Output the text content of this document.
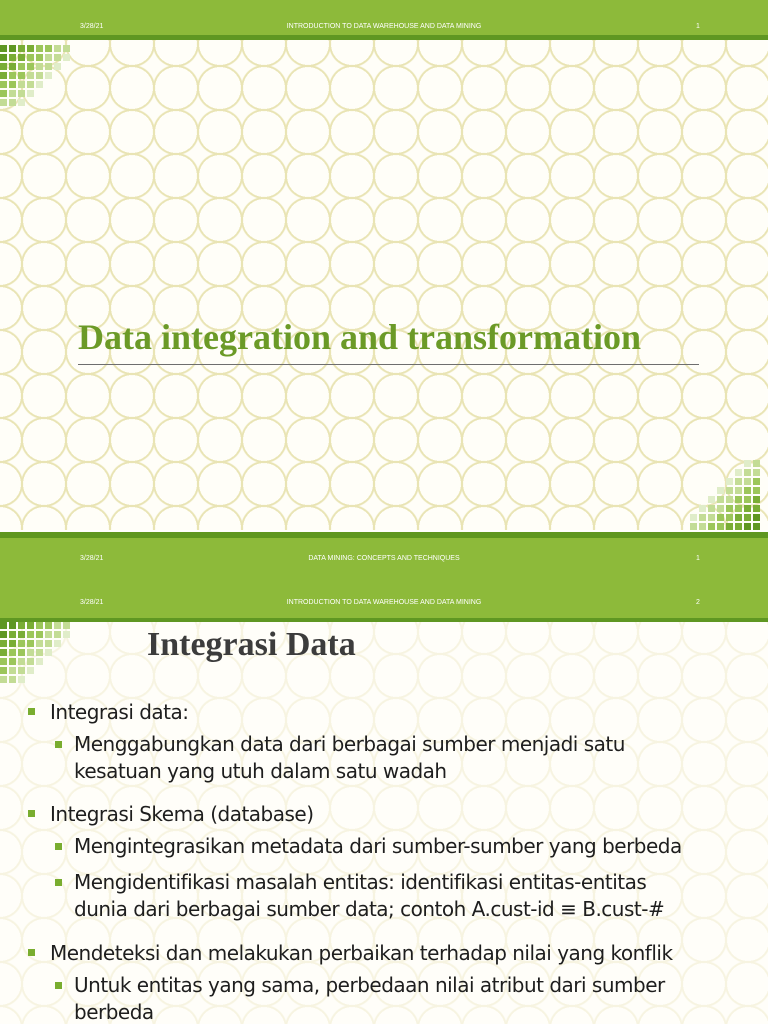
3/28/21	INTRODUCTION TO DATA WAREHOUSE AND DATA MINING	1
Data integration and transformation
3/28/21	DATA MINING: CONCEPTS AND TECHNIQUES	1
3/28/21	INTRODUCTION TO DATA WAREHOUSE AND DATA MINING	2
Integrasi Data
Integrasi data:
Menggabungkan data dari berbagai sumber menjadi satu
kesatuan yang utuh dalam satu wadah
Integrasi Skema (database)
Mengintegrasikan metadata dari sumber-sumber yang berbeda
Mengidentifikasi masalah entitas: identifikasi entitas-entitas
dunia dari berbagai sumber data; contoh A.cust-id ≡ B.cust-#
Mendeteksi dan melakukan perbaikan terhadap nilai yang konflik
Untuk entitas yang sama, perbedaan nilai atribut dari sumber
berbeda
